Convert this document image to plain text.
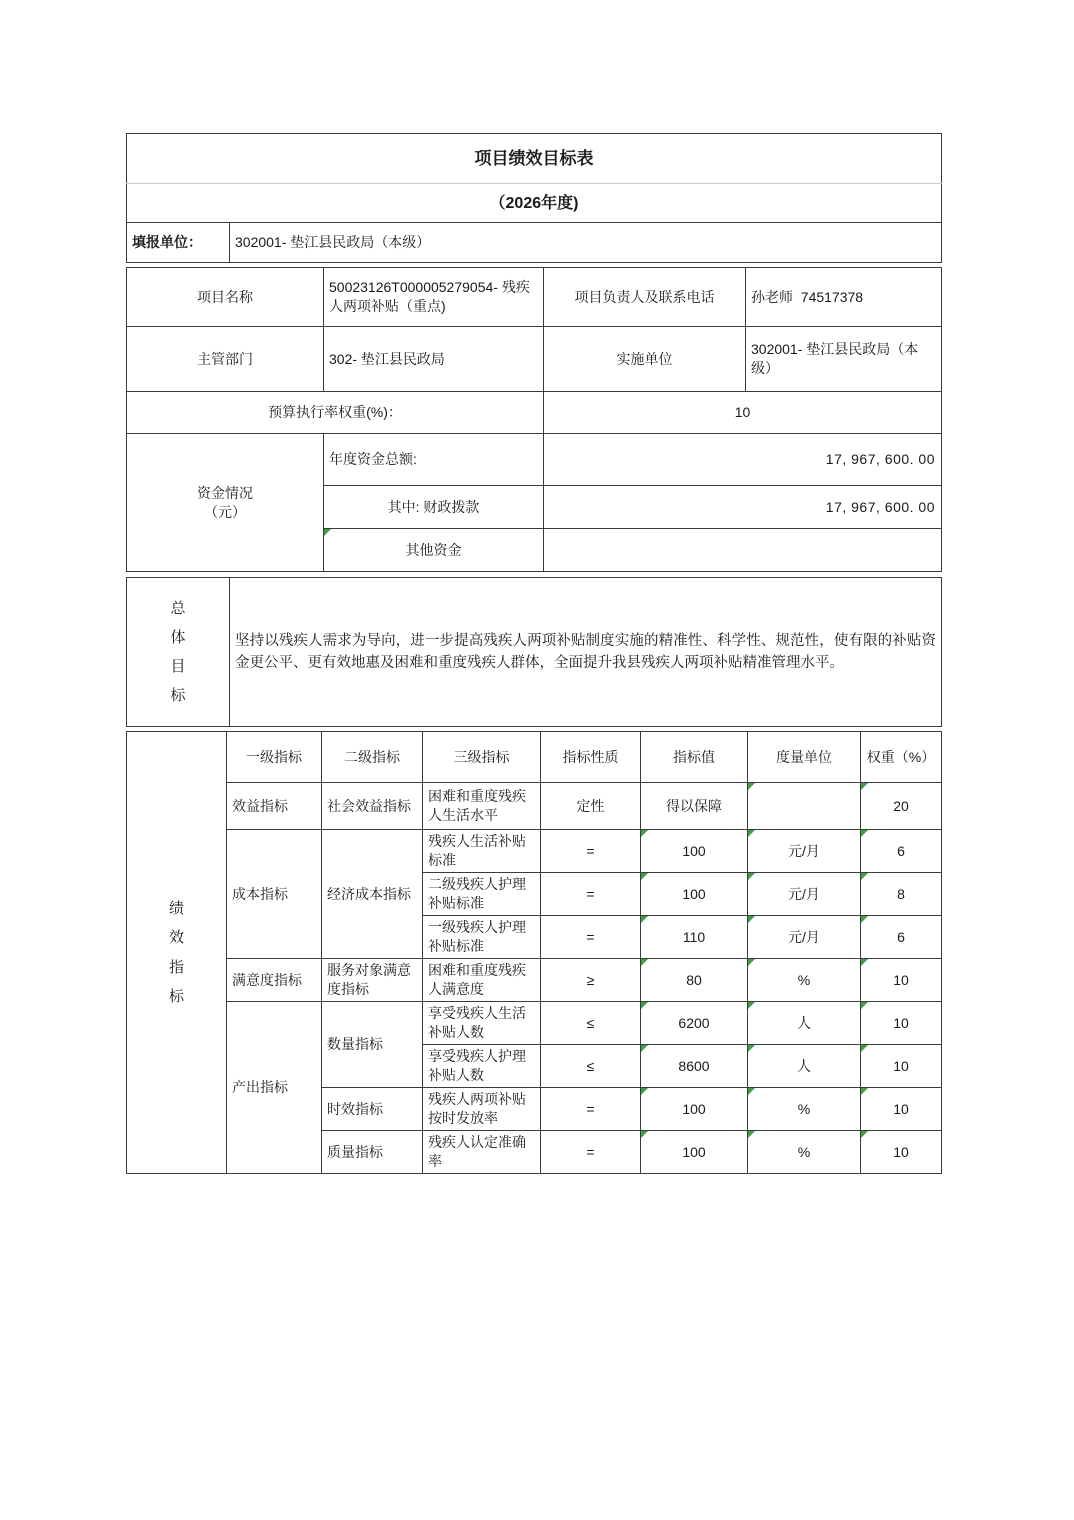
项目绩效目标表
（2026年度)
填报单位：	302001- 垫江县民政局（本级）
项目名称	50023126T000005279054- 残疾人两项补贴（重点)	项目负责人及联系电话	孙老师  74517378
主管部门	302- 垫江县民政局	实施单位	302001- 垫江县民政局（本级）
预算执行率权重(%)：		10	

资金情况
（元）	年度资金总额:	17, 967, 600. 00	
	其中: 财政拨款	17, 967, 600. 00	
	其他资金		
总体目标
	坚持以残疾人需求为导向，进一步提高残疾人两项补贴制度实施的精准性、科学性、规范性，使有限的补贴资金更公平、更有效地惠及困难和重度残疾人群体，全面提升我县残疾人两项补贴精准管理水平。
绩效指标	一级指标	二级指标	三级指标	指标性质	指标值	度量单位	权重（%）
	效益指标	社会效益指标	困难和重度残疾人生活水平	定性	得以保障		20
	成本指标	经济成本指标	残疾人生活补贴标准	=	100	元/月	6
			二级残疾人护理补贴标准	=	100	元/月	8
			一级残疾人护理补贴标准	=	110	元/月	6
	满意度指标	服务对象满意度指标	困难和重度残疾人满意度	≥	80	%	10
	产出指标	数量指标	享受残疾人生活补贴人数	≤	6200	人	10
			享受残疾人护理补贴人数	≤	8600	人	10
		时效指标	残疾人两项补贴按时发放率	=	100	%	10
		质量指标	残疾人认定准确率	=	100	%	10
